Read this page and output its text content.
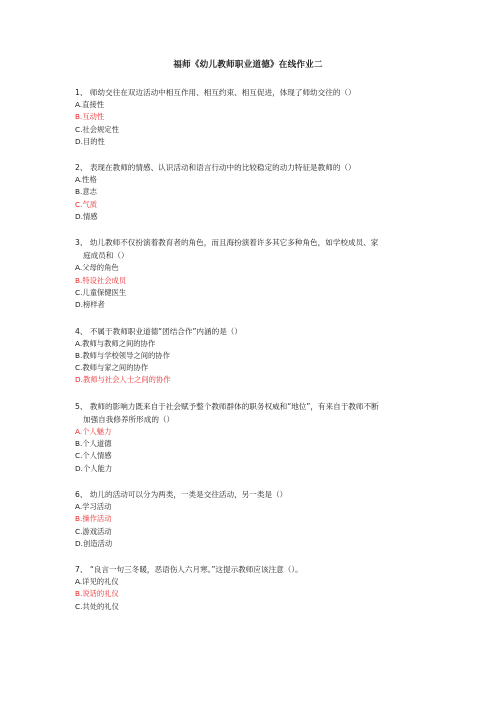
福师《幼儿教师职业道德》在线作业二
1、 师幼交往在双边活动中相互作用、相互约束、相互促进，体现了师幼交往的（）
A.直接性
B.互动性
C.社会规定性
D.目的性
2、 表现在教师的情感、认识活动和语言行动中的比较稳定的动力特征是教师的（）
A.性格
B.意志
C.气质
D.情感
3、 幼儿教师不仅扮演着教育者的角色，而且海扮演着许多其它多种角色，如学校成员、家
庭成员和（）
A.父母的角色
B.特设社会成员
C.儿童保健医生
D.榜样者
4、 不属于教师职业道德“团结合作”内涵的是（）
A.教师与教师之间的协作
B.教师与学校领导之间的协作
C.教师与家之间的协作
D.教师与社会人士之间的协作
5、 教师的影响力既来自于社会赋予整个教师群体的职务权威和“地位”，有来自于教师不断
加强自我修养所形成的（）
A.个人魅力
B.个人道德
C.个人情感
D.个人能力
6、 幼儿的活动可以分为两类，一类是交往活动，另一类是（）
A.学习活动
B.操作活动
C.游戏活动
D.创造活动
7、 “良言一句三冬暖，恶语伤人六月寒。”这提示教师应该注意（）。
A.详见的礼仪
B.说话的礼仪
C.共处的礼仪
